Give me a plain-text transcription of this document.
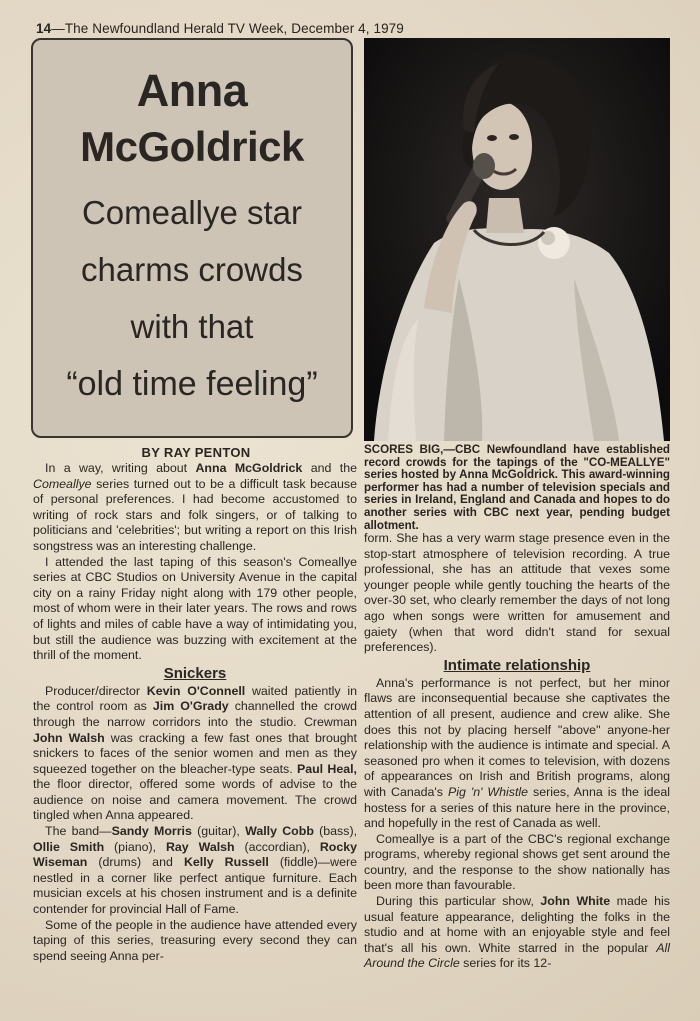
14—The Newfoundland Herald TV Week, December 4, 1979
Anna
McGoldrick
Comeallye star
charms crowds
with that
“old time feeling”
BY RAY PENTON	SCORES BIG,—CBC Newfoundland have established record crowds for the tapings of the "CO-MEALLYE" series hosted by Anna McGoldrick. This award-winning performer has had a number of television specials and series in Ireland, England and Canada and hopes to do another series with CBC next year, pending budget allotment.

In a way, writing about Anna McGoldrick and the Comeallye series turned out to be a difficult task because of personal preferences. I had become accustomed to writing of rock stars and folk singers, or of talking to politicians and 'celebrities'; but writing a report on this Irish songstress was an interesting challenge.

I attended the last taping of this season's Comeallye series at CBC Studios on University Avenue in the capital city on a rainy Friday night along with 179 other people, most of whom were in their later years. The rows and rows of lights and miles of cable have a way of intimidating you, but still the audience was buzzing with excitement at the thrill of the moment.

Snickers

Producer/director Kevin O'Connell waited patiently in the control room as Jim O'Grady channelled the crowd through the narrow corridors into the studio. Crewman John Walsh was cracking a few fast ones that brought snickers to faces of the senior women and men as they squeezed together on the bleacher-type seats. Paul Heal, the floor director, offered some words of advise to the audience on noise and camera movement. The crowd tingled when Anna appeared.

The band—Sandy Morris (guitar), Wally Cobb (bass), Ollie Smith (piano), Ray Walsh (accordian), Rocky Wiseman (drums) and Kelly Russell (fiddle)—were nestled in a corner like perfect antique furniture. Each musician excels at his chosen instrument and is a definite contender for provincial Hall of Fame.

Some of the people in the audience have attended every taping of this series, treasuring every second they can spend seeing Anna per-

form. She has a very warm stage presence even in the stop-start atmosphere of television recording. A true professional, she has an attitude that vexes some younger people while gently touching the hearts of the over-30 set, who clearly remember the days of not long ago when songs were written for amusement and gaiety (when that word didn't stand for sexual preferences).

Intimate relationship

Anna's performance is not perfect, but her minor flaws are inconsequential because she captivates the attention of all present, audience and crew alike. She does this not by placing herself "above" anyone-her relationship with the audience is intimate and special. A seasoned pro when it comes to television, with dozens of appearances on Irish and British programs, along with Canada's Pig 'n' Whistle series, Anna is the ideal hostess for a series of this nature here in the province, and hopefully in the rest of Canada as well.

Comeallye is a part of the CBC's regional exchange programs, whereby regional shows get sent around the country, and the response to the show nationally has been more than favourable.

During this particular show, John White made his usual feature appearance, delighting the folks in the studio and at home with an enjoyable style and feel that's all his own. White starred in the popular All Around the Circle series for its 12-
